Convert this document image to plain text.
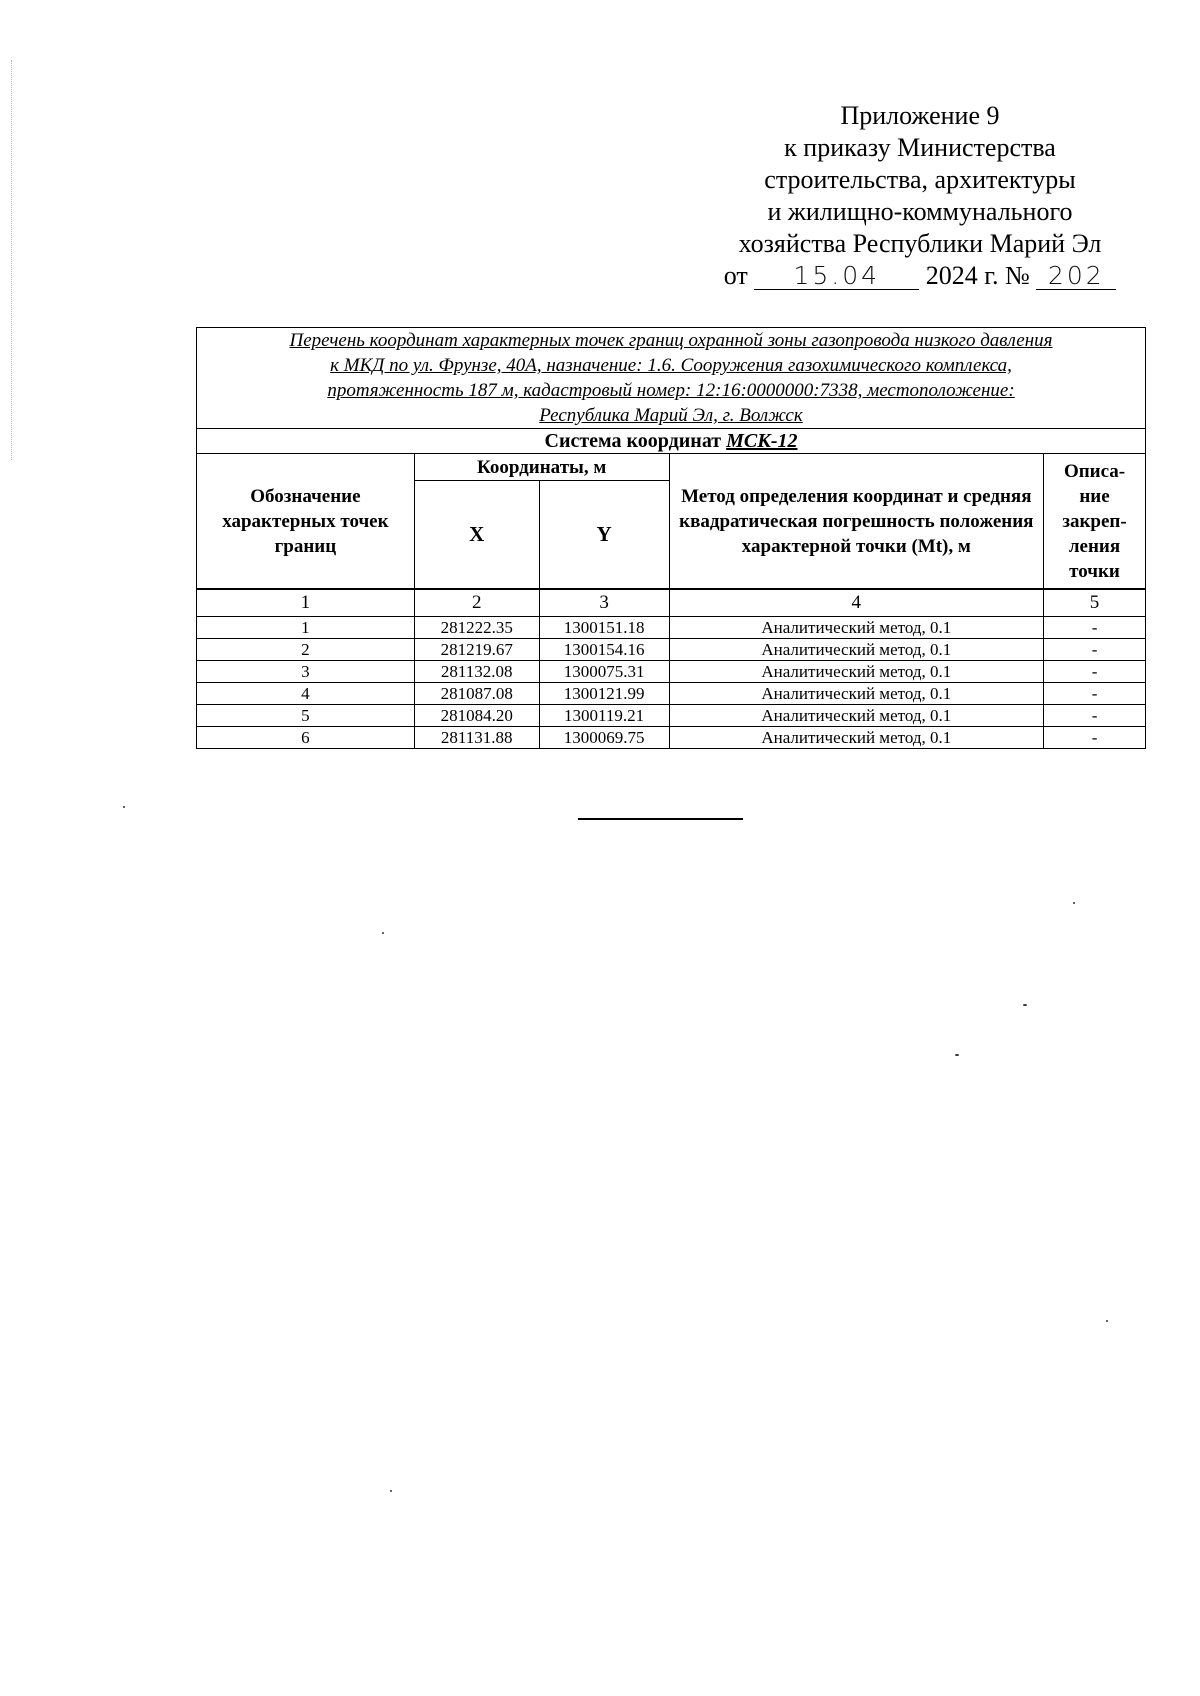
Приложение 9
к приказу Министерства
строительства, архитектуры
и жилищно-коммунального
хозяйства Республики Марий Эл
от 15.04 2024 г. № 202
Перечень координат характерных точек границ охранной зоны газопровода низкого давления
к МКД по ул. Фрунзе, 40А, назначение: 1.6. Сооружения газохимического комплекса,
протяженность 187 м, кадастровый номер: 12:16:0000000:7338, местоположение:
Республика Марий Эл, г. Волжск				
Система координат МСК-12				
Обозначение характерных точек границ	Координаты, м		Метод определения координат и средняя квадратическая погрешность положения характерной точки (Mt), м	Описа-
ние
закреп-
ления
точки
	X	Y		
1	2	3	4	5
1	281222.35	1300151.18	Аналитический метод, 0.1	-
2	281219.67	1300154.16	Аналитический метод, 0.1	-
3	281132.08	1300075.31	Аналитический метод, 0.1	-
4	281087.08	1300121.99	Аналитический метод, 0.1	-
5	281084.20	1300119.21	Аналитический метод, 0.1	-
6	281131.88	1300069.75	Аналитический метод, 0.1	-
